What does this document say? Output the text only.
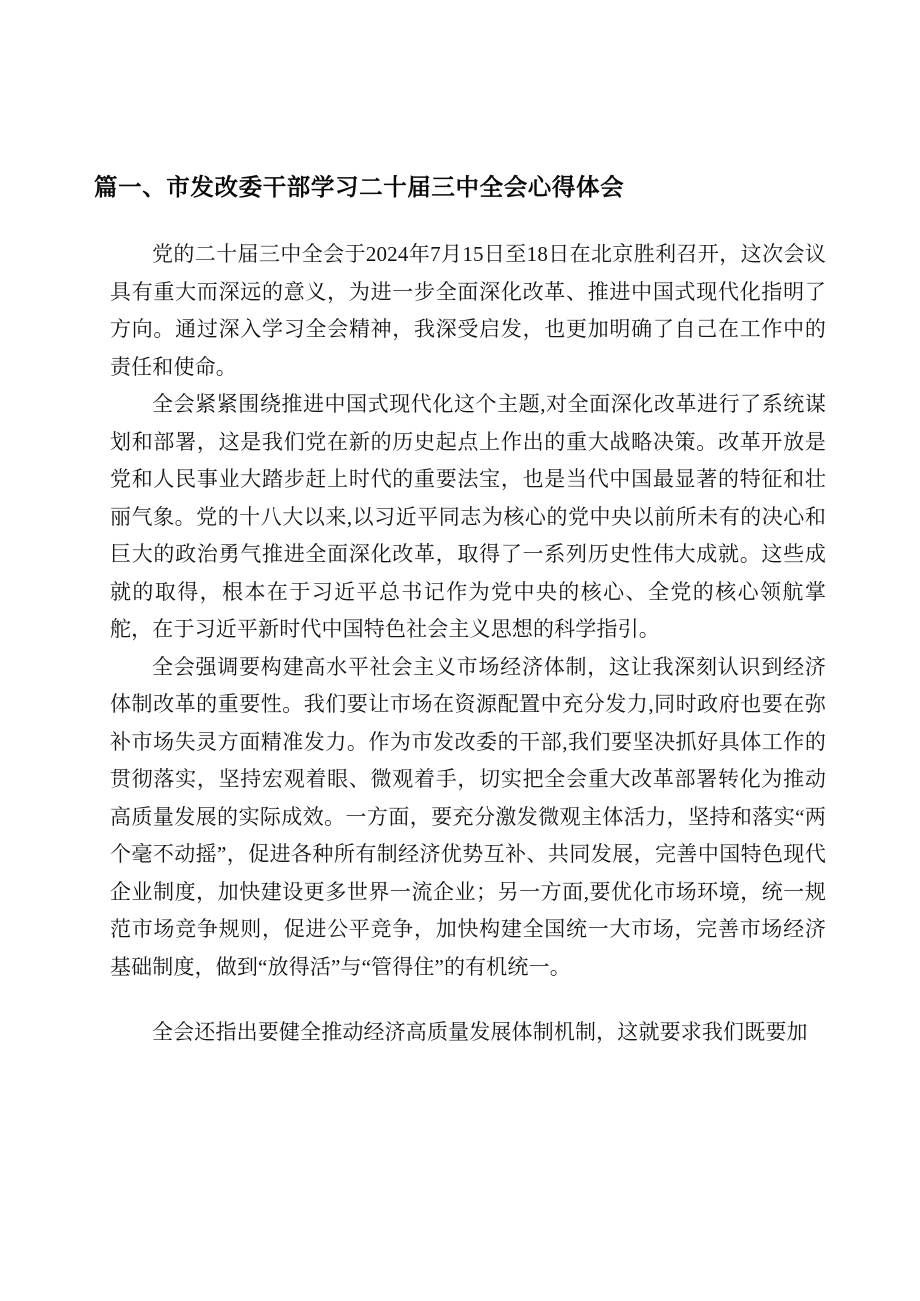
篇一、市发改委干部学习二十届三中全会心得体会

党的二十届三中全会于2024年7月15日至18日在北京胜利召开，这次会议具有重大而深远的意义，为进一步全面深化改革、推进中国式现代化指明了方向。通过深入学习全会精神，我深受启发，也更加明确了自己在工作中的责任和使命。

全会紧紧围绕推进中国式现代化这个主题,对全面深化改革进行了系统谋划和部署，这是我们党在新的历史起点上作出的重大战略决策。改革开放是党和人民事业大踏步赶上时代的重要法宝，也是当代中国最显著的特征和壮丽气象。党的十八大以来,以习近平同志为核心的党中央以前所未有的决心和巨大的政治勇气推进全面深化改革，取得了一系列历史性伟大成就。这些成就的取得，根本在于习近平总书记作为党中央的核心、全党的核心领航掌舵，在于习近平新时代中国特色社会主义思想的科学指引。

全会强调要构建高水平社会主义市场经济体制，这让我深刻认识到经济体制改革的重要性。我们要让市场在资源配置中充分发力,同时政府也要在弥补市场失灵方面精准发力。作为市发改委的干部,我们要坚决抓好具体工作的贯彻落实，坚持宏观着眼、微观着手，切实把全会重大改革部署转化为推动高质量发展的实际成效。一方面，要充分激发微观主体活力，坚持和落实“两个毫不动摇”，促进各种所有制经济优势互补、共同发展，完善中国特色现代企业制度，加快建设更多世界一流企业；另一方面,要优化市场环境，统一规范市场竞争规则，促进公平竞争，加快构建全国统一大市场，完善市场经济基础制度，做到“放得活”与“管得住”的有机统一。

全会还指出要健全推动经济高质量发展体制机制，这就要求我们既要加
